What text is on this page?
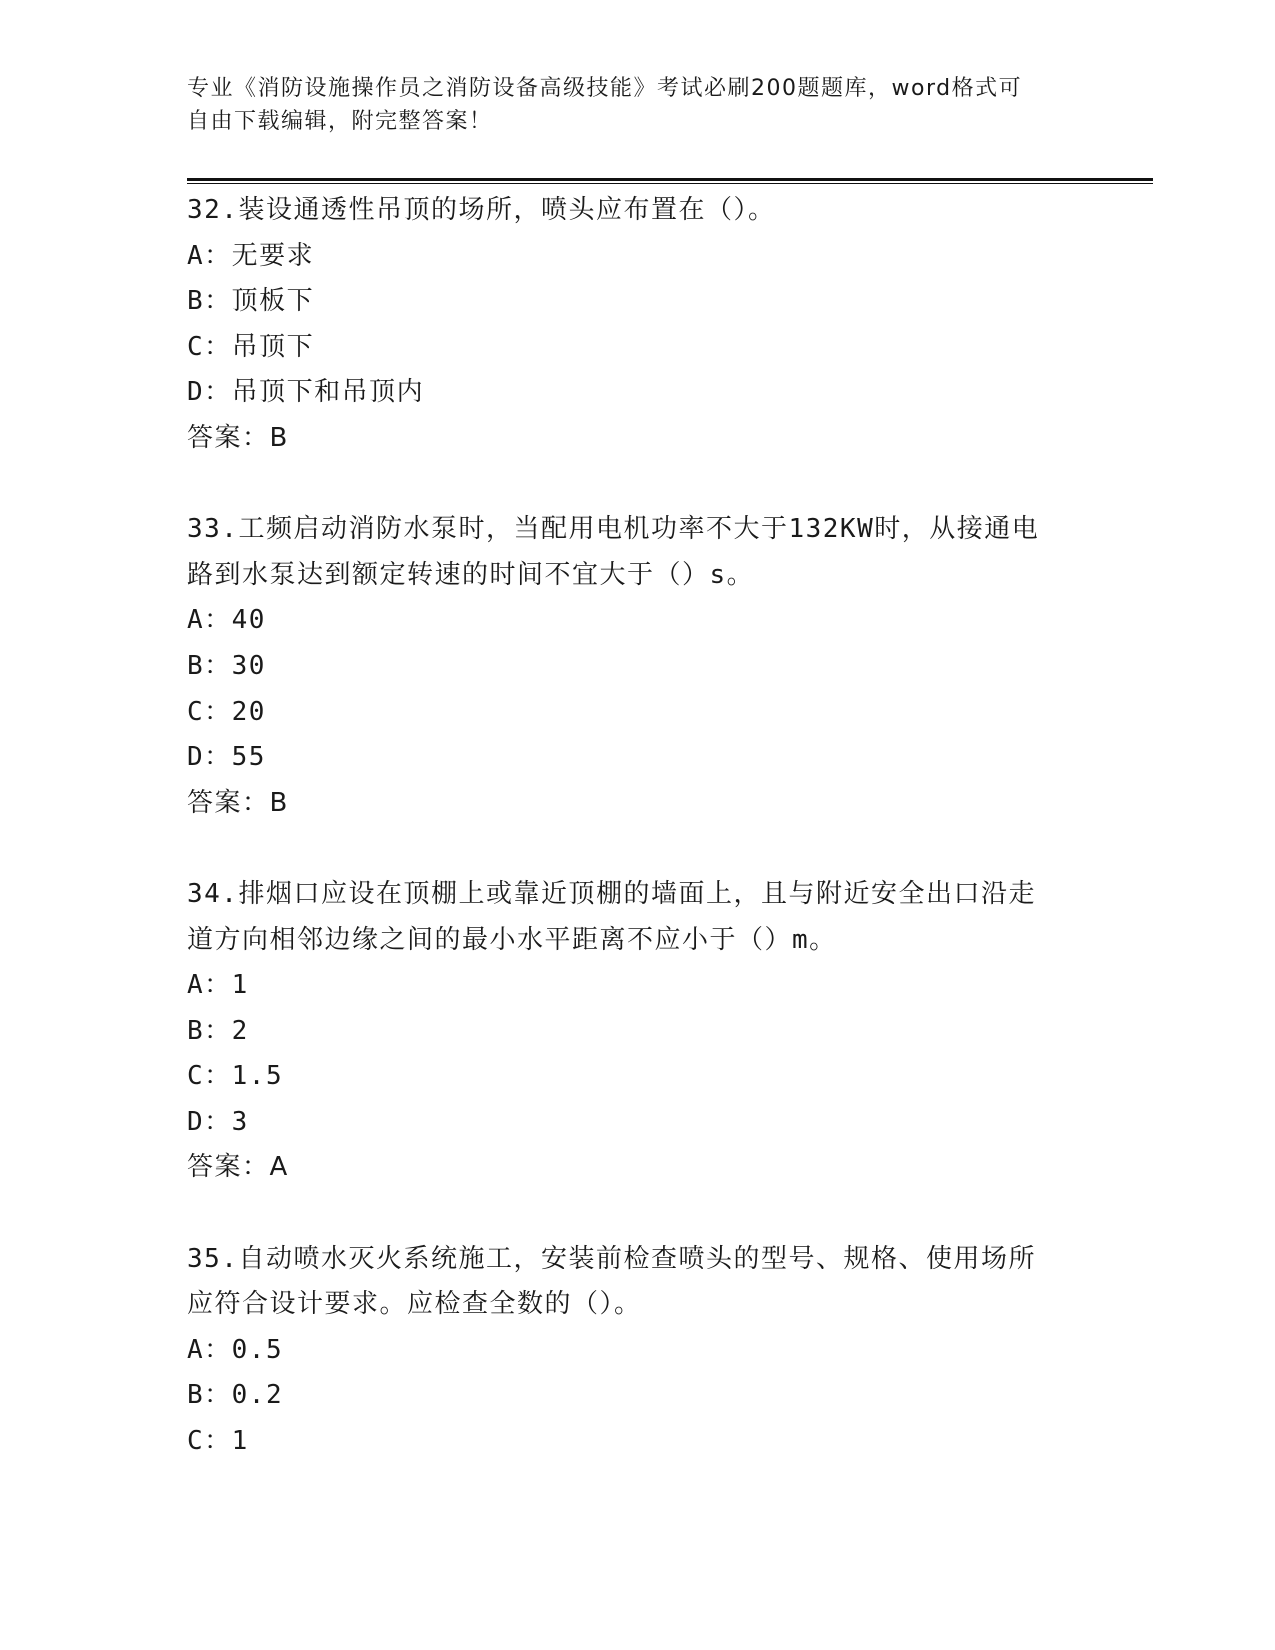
专业《消防设施操作员之消防设备高级技能》考试必刷200题题库，word格式可
自由下载编辑，附完整答案！
32.装设通透性吊顶的场所，喷头应布置在（）。
A：无要求
B：顶板下
C：吊顶下
D：吊顶下和吊顶内
答案：B
33.工频启动消防水泵时，当配用电机功率不大于132KW时，从接通电
路到水泵达到额定转速的时间不宜大于（）s。
A：40
B：30
C：20
D：55
答案：B
34.排烟口应设在顶棚上或靠近顶棚的墙面上，且与附近安全出口沿走
道方向相邻边缘之间的最小水平距离不应小于（）m。
A：1
B：2
C：1.5
D：3
答案：A
35.自动喷水灭火系统施工，安装前检查喷头的型号、规格、使用场所
应符合设计要求。应检查全数的（）。
A：0.5
B：0.2
C：1
